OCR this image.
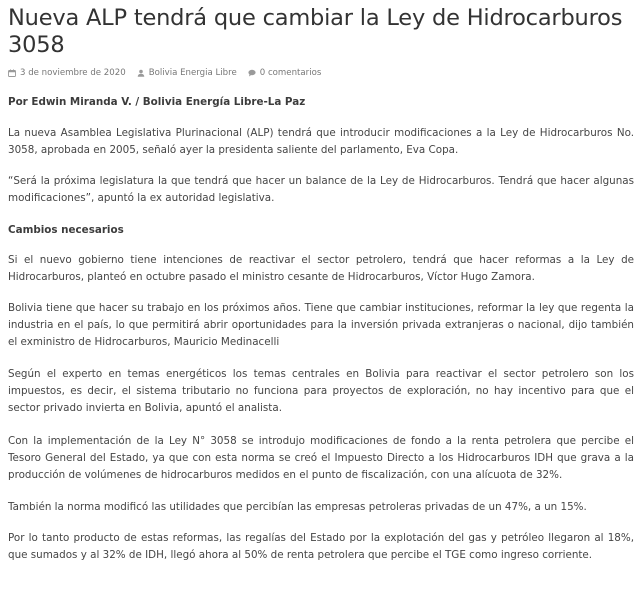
Nueva ALP tendrá que cambiar la Ley de Hidrocarburos 3058
3 de noviembre de 2020	Bolivia Energia Libre	0 comentarios

Por Edwin Miranda V. / Bolivia Energía Libre-La Paz

La nueva Asamblea Legislativa Plurinacional (ALP) tendrá que introducir modificaciones a la Ley de Hidrocarburos No. 3058, aprobada en 2005, señaló ayer la presidenta saliente del parlamento, Eva Copa.

“Será la próxima legislatura la que tendrá que hacer un balance de la Ley de Hidrocarburos. Tendrá que hacer algunas modificaciones”, apuntó la ex autoridad legislativa.

Cambios necesarios

Si el nuevo gobierno tiene intenciones de reactivar el sector petrolero, tendrá que hacer reformas a la Ley de Hidrocarburos, planteó en octubre pasado el ministro cesante de Hidrocarburos, Víctor Hugo Zamora.

Bolivia tiene que hacer su trabajo en los próximos años. Tiene que cambiar instituciones, reformar la ley que regenta la industria en el país, lo que permitirá abrir oportunidades para la inversión privada extranjeras o nacional, dijo también el exministro de Hidrocarburos, Mauricio Medinacelli

Según el experto en temas energéticos los temas centrales en Bolivia para reactivar el sector petrolero son los impuestos, es decir, el sistema tributario no funciona para proyectos de exploración, no hay incentivo para que el sector privado invierta en Bolivia, apuntó el analista.

Con la implementación de la Ley N° 3058 se introdujo modificaciones de fondo a la renta petrolera que percibe el Tesoro General del Estado, ya que con esta norma se creó el Impuesto Directo a los Hidrocarburos IDH que grava a la producción de volúmenes de hidrocarburos medidos en el punto de fiscalización, con una alícuota de 32%.

También la norma modificó las utilidades que percibían las empresas petroleras privadas de un 47%, a un 15%.

Por lo tanto producto de estas reformas, las regalías del Estado por la explotación del gas y petróleo llegaron al 18%, que sumados y al 32% de IDH, llegó ahora al 50% de renta petrolera que percibe el TGE como ingreso corriente.
